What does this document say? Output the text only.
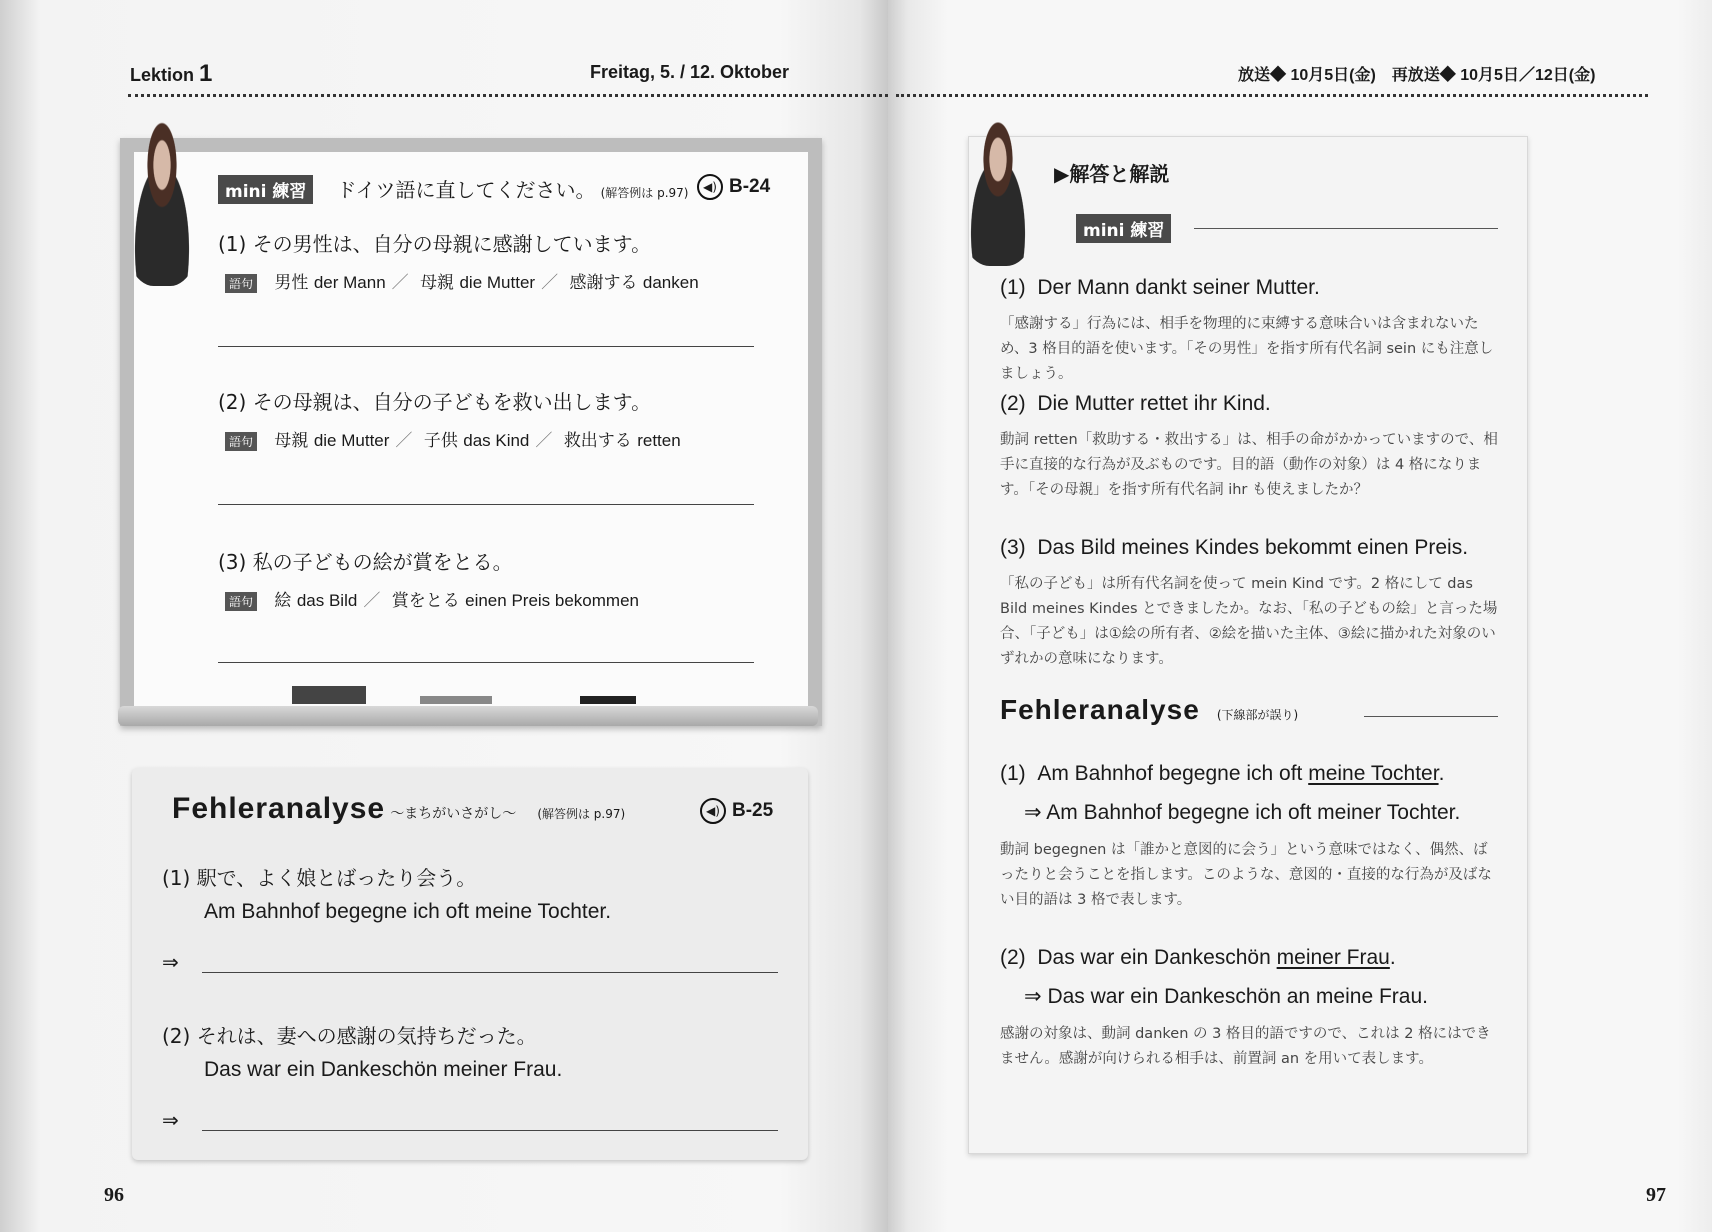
Lektion 1	Freitag, 5. / 12. Oktober
mini 練習 ドイツ語に直してください。 (解答例は p.97)	◀) B-24
(1) その男性は、自分の母親に感謝しています。
語句 男性 der Mann ／ 母親 die Mutter ／ 感謝する danken
(2) その母親は、自分の子どもを救い出します。
語句 母親 die Mutter ／ 子供 das Kind ／ 救出する retten
(3) 私の子どもの絵が賞をとる。
語句 絵 das Bild ／ 賞をとる einen Preis bekommen
Fehleranalyse ～まちがいさがし～ (解答例は p.97)	◀) B-25
(1) 駅で、よく娘とばったり会う。
Am Bahnhof begegne ich oft meine Tochter.
⇒
(2) それは、妻への感謝の気持ちだった。
Das war ein Dankeschön meiner Frau.
⇒
96
放送◆ 10月5日(金)　再放送◆ 10月5日／12日(金)
▶解答と解説
mini 練習
(1) Der Mann dankt seiner Mutter.
「感謝する」行為には、相手を物理的に束縛する意味合いは含まれないため、3 格目的語を使います。「その男性」を指す所有代名詞 sein にも注意しましょう。
(2) Die Mutter rettet ihr Kind.
動詞 retten「救助する・救出する」は、相手の命がかかっていますので、相手に直接的な行為が及ぶものです。目的語（動作の対象）は 4 格になります。「その母親」を指す所有代名詞 ihr も使えましたか？
(3) Das Bild meines Kindes bekommt einen Preis.
「私の子ども」は所有代名詞を使って mein Kind です。2 格にして das Bild meines Kindes とできましたか。なお、「私の子どもの絵」と言った場合、「子ども」は①絵の所有者、②絵を描いた主体、③絵に描かれた対象のいずれかの意味になります。
Fehleranalyse (下線部が誤り)
(1) Am Bahnhof begegne ich oft meine Tochter.
⇒ Am Bahnhof begegne ich oft meiner Tochter.
動詞 begegnen は「誰かと意図的に会う」という意味ではなく、偶然、ばったりと会うことを指します。このような、意図的・直接的な行為が及ばない目的語は 3 格で表します。
(2) Das war ein Dankeschön meiner Frau.
⇒ Das war ein Dankeschön an meine Frau.
感謝の対象は、動詞 danken の 3 格目的語ですので、これは 2 格にはできません。感謝が向けられる相手は、前置詞 an を用いて表します。
97
